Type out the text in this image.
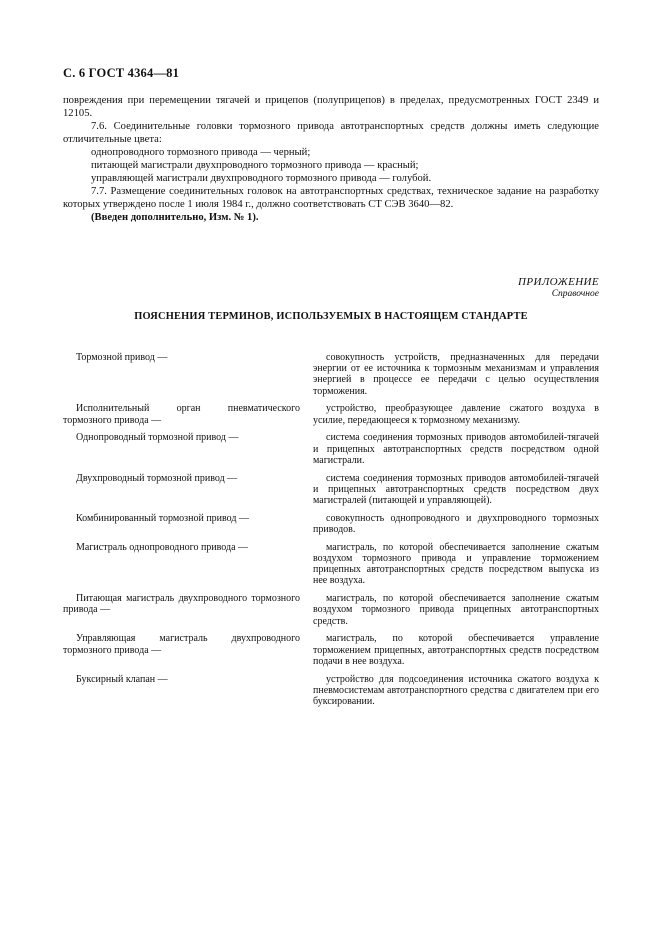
С. 6 ГОСТ 4364—81

повреждения при перемещении тягачей и прицепов (полуприцепов) в пределах, предусмотренных ГОСТ 2349 и 12105.

7.6. Соединительные головки тормозного привода автотранспортных средств должны иметь следующие отличительные цвета:

однопроводного тормозного привода — черный;

питающей магистрали двухпроводного тормозного привода — красный;

управляющей магистрали двухпроводного тормозного привода — голубой.

7.7. Размещение соединительных головок на автотранспортных средствах, техническое задание на разработку которых утверждено после 1 июля 1984 г., должно соответствовать СТ СЭВ 3640—82.

(Введен дополнительно, Изм. № 1).

ПРИЛОЖЕНИЕ
Справочное
ПОЯСНЕНИЯ ТЕРМИНОВ, ИСПОЛЬЗУЕМЫХ В НАСТОЯЩЕМ СТАНДАРТЕ
Тормозной привод —	совокупность устройств, предназначенных для передачи энергии от ее источника к тормозным механизмам и управления энергией в процессе ее передачи с целью осуществления торможения.
Исполнительный орган пневматического тормозного привода —
устройство, преобразующее давление сжатого воздуха в усилие, передающееся к тормозному механизму.
Однопроводный тормозной привод —	система соединения тормозных приводов автомобилей-тягачей и прицепных автотранспортных средств посредством одной магистрали.
Двухпроводный тормозной привод —	система соединения тормозных приводов автомобилей-тягачей и прицепных автотранспортных средств посредством двух магистралей (питающей и управляющей).
Комбинированный тормозной привод —	совокупность однопроводного и двухпроводного тормозных приводов.
Магистраль однопроводного привода —	магистраль, по которой обеспечивается заполнение сжатым воздухом тормозного привода и управление торможением прицепных автотранспортных средств посредством выпуска из нее воздуха.
Питающая магистраль двухпроводного тормозного привода —
магистраль, по которой обеспечивается заполнение сжатым воздухом тормозного привода прицепных автотранспортных средств.
Управляющая магистраль двухпроводного тормозного привода —
магистраль, по которой обеспечивается управление торможением прицепных, автотранспортных средств посредством подачи в нее воздуха.
Буксирный клапан —	устройство для подсоединения источника сжатого воздуха к пневмосистемам автотранспортного средства с двигателем при его буксировании.
